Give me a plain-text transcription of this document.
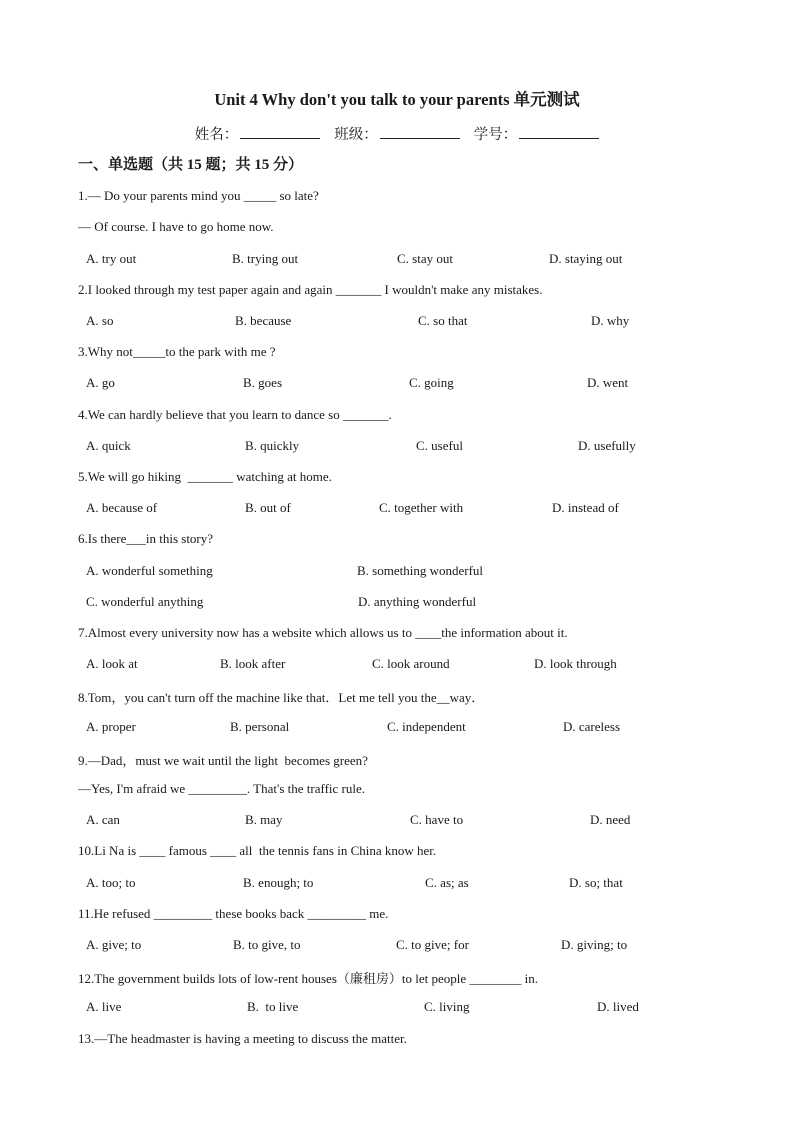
Unit 4 Why don't you talk to your parents 单元测试
姓名：	班级：	学号：
一、单选题（共 15 题；共 15 分）
1.— Do your parents mind you _____ so late?
— Of course. I have to go home now.
A. try out	B. trying out	C. stay out	D. staying out
2.I looked through my test paper again and again _______ I wouldn't make any mistakes.
A. so	B. because	C. so that	D. why
3.Why not_____to the park with me ?
A. go	B. goes	C. going	D. went
4.We can hardly believe that you learn to dance so _______.
A. quick	B. quickly	C. useful	D. usefully
5.We will go hiking  _______ watching at home.
A. because of	B. out of	C. together with	D. instead of
6.Is there___in this story?
A. wonderful something	B. something wonderful
C. wonderful anything	D. anything wonderful
7.Almost every university now has a website which allows us to ____the information about it.
A. look at	B. look after	C. look around	D. look through
8.Tom，you can't turn off the machine like that．Let me tell you the__way．
A. proper	B. personal	C. independent	D. careless
9.—Dad，must we wait until the light  becomes green?
—Yes, I'm afraid we _________. That's the traffic rule.
A. can	B. may	C. have to	D. need
10.Li Na is ____ famous ____ all  the tennis fans in China know her.
A. too; to	B. enough; to	C. as; as	D. so; that
11.He refused _________ these books back _________ me.
A. give; to	B. to give, to	C. to give; for	D. giving; to
12.The government builds lots of low-rent houses（廉租房）to let people ________ in.
A. live	B.  to live	C. living	D. lived
13.—The headmaster is having a meeting to discuss the matter.
